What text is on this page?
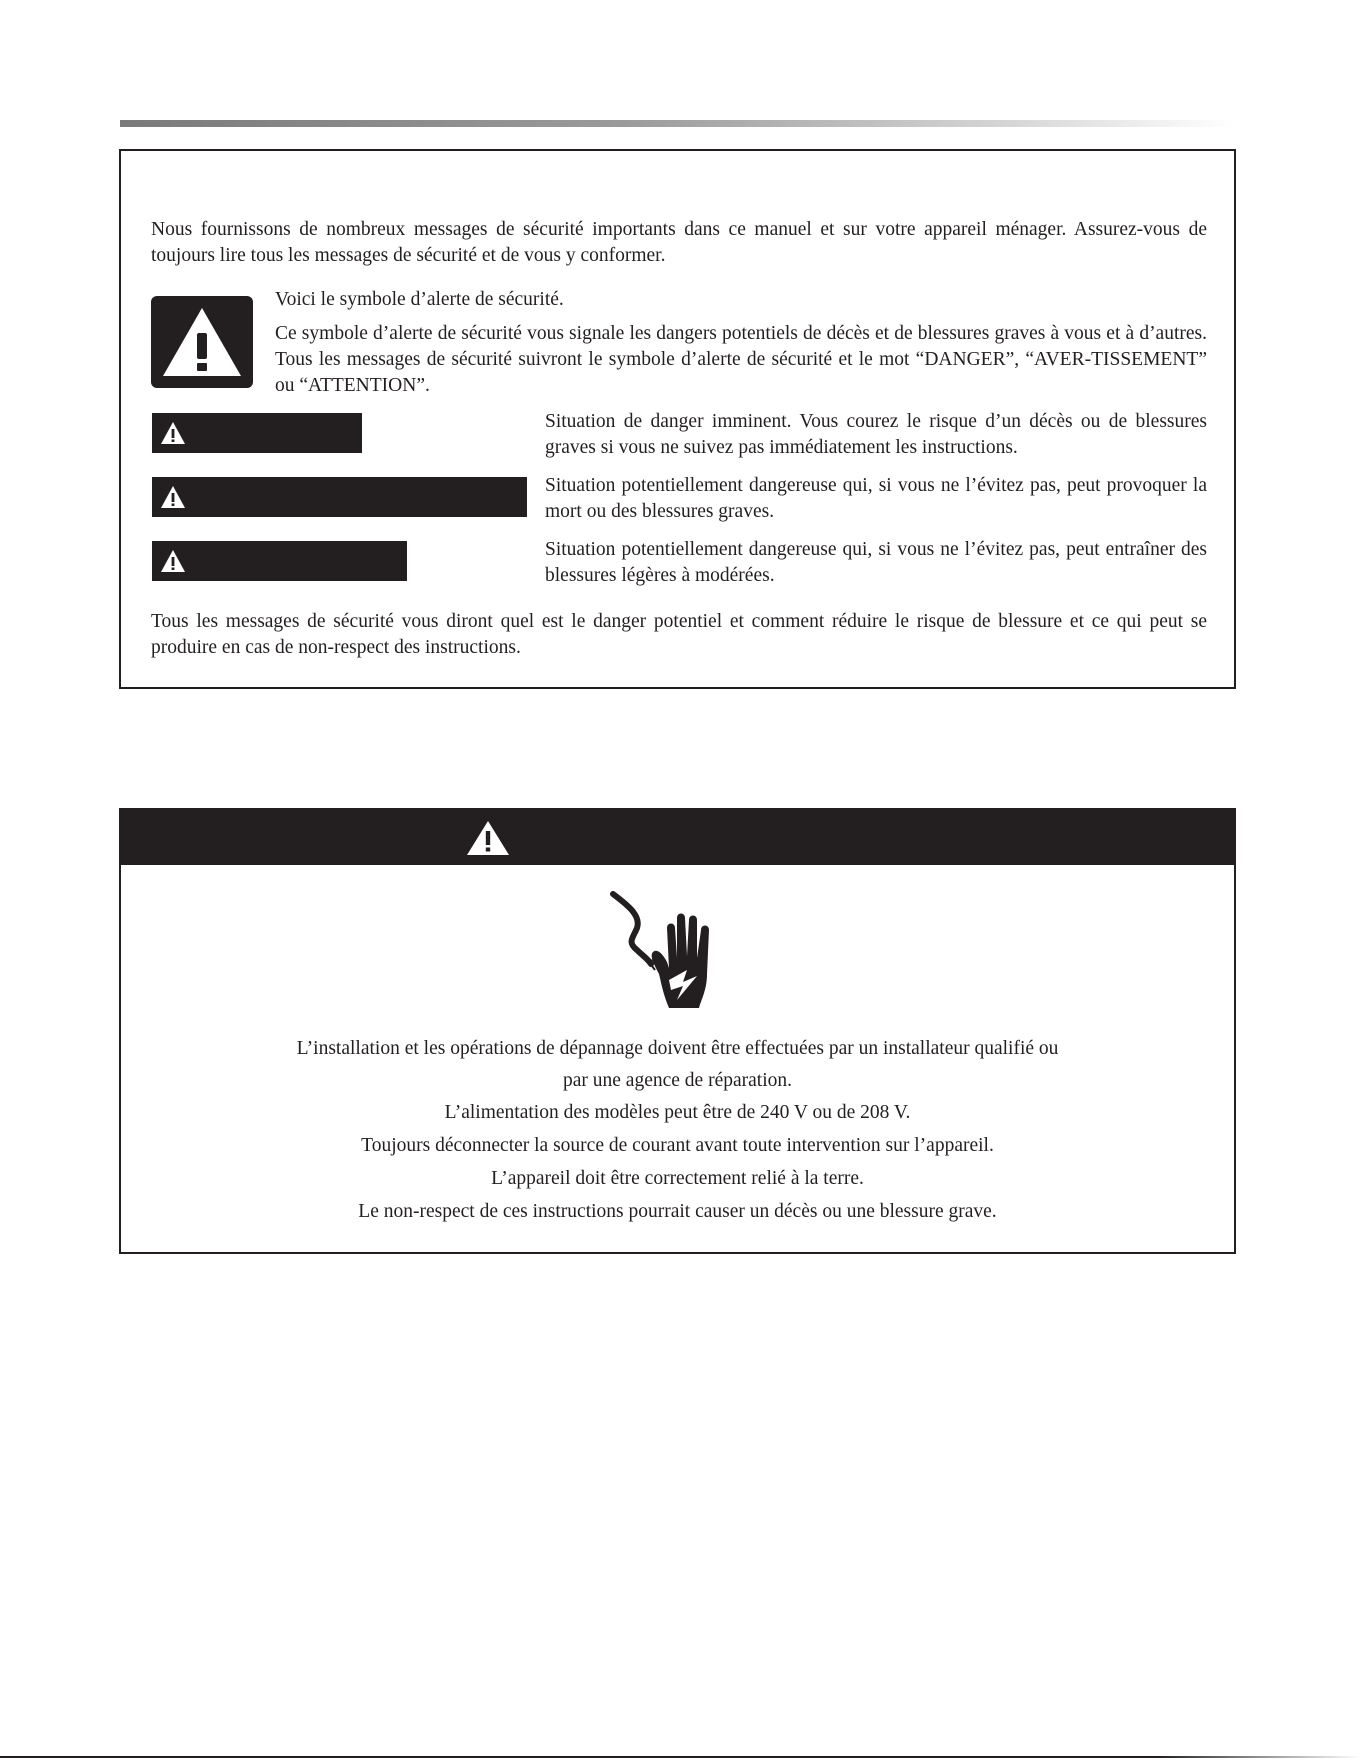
Nous fournissons de nombreux messages de sécurité importants dans ce manuel et sur votre appareil ménager. Assurez-vous de toujours lire tous les messages de sécurité et de vous y conformer.

Voici le symbole d’alerte de sécurité.

Ce symbole d’alerte de sécurité vous signale les dangers potentiels de décès et de blessures graves à vous et à d’autres. Tous les messages de sécurité suivront le symbole d’alerte de sécurité et le mot “DANGER”, “AVER-TISSEMENT” ou “ATTENTION”.

Situation de danger imminent. Vous courez le risque d’un décès ou de blessures graves si vous ne suivez pas immédiatement les instructions.

Situation potentiellement dangereuse qui, si vous ne l’évitez pas, peut provoquer la mort ou des blessures graves.

Situation potentiellement dangereuse qui, si vous ne l’évitez pas, peut entraîner des blessures légères à modérées.

Tous les messages de sécurité vous diront quel est le danger potentiel et comment réduire le risque de blessure et ce qui peut se produire en cas de non-respect des instructions.

L’installation et les opérations de dépannage doivent être effectuées par un installateur qualifié ou

par une agence de réparation.

L’alimentation des modèles peut être de 240 V ou de 208 V.

Toujours déconnecter la source de courant avant toute intervention sur l’appareil.

L’appareil doit être correctement relié à la terre.

Le non-respect de ces instructions pourrait causer un décès ou une blessure grave.
